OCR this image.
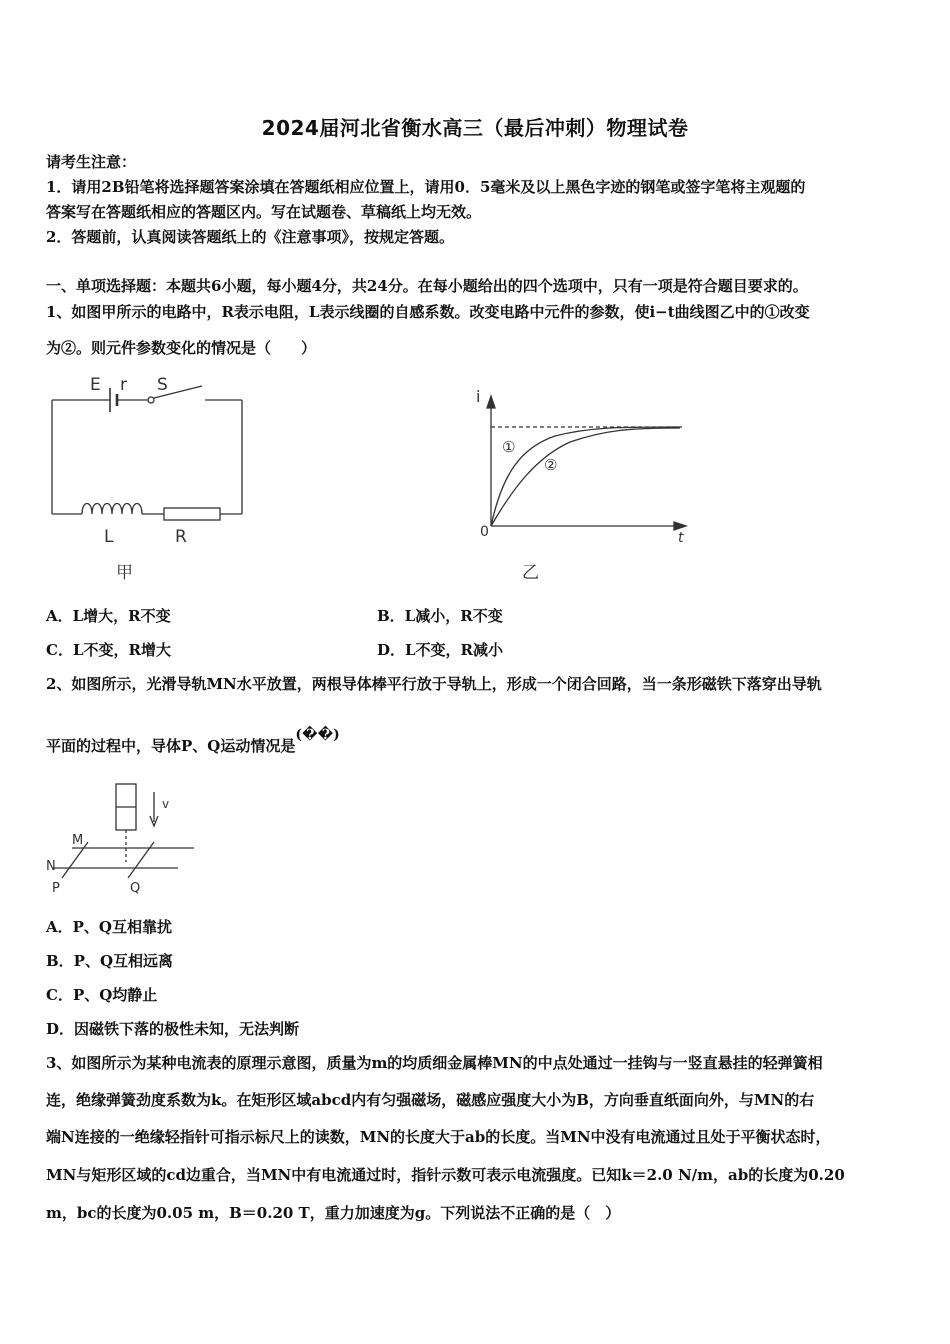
2024届河北省衡水高三（最后冲刺）物理试卷
请考生注意：
1．请用2B铅笔将选择题答案涂填在答题纸相应位置上，请用0．5毫米及以上黑色字迹的钢笔或签字笔将主观题的
答案写在答题纸相应的答题区内。写在试题卷、草稿纸上均无效。
2．答题前，认真阅读答题纸上的《注意事项》，按规定答题。
一、单项选择题：本题共6小题，每小题4分，共24分。在每小题给出的四个选项中，只有一项是符合题目要求的。
1、如图甲所示的电路中，R表示电阻，L表示线圈的自感系数。改变电路中元件的参数，使i−t曲线图乙中的①改变
为②。则元件参数变化的情况是（　　）
E r S
L	R
甲
i
t
0
①
②
乙
A．L增大，R不变	B．L减小，R不变
C．L不变，R增大	D．L不变，R减小
2、如图所示，光滑导轨MN水平放置，两根导体棒平行放于导轨上，形成一个闭合回路，当一条形磁铁下落穿出导轨
平面的过程中，导体P、Q运动情况是(��)
v
M
N
P	Q
A．P、Q互相靠扰
B．P、Q互相远离
C．P、Q均静止
D．因磁铁下落的极性未知，无法判断
3、如图所示为某种电流表的原理示意图，质量为m的均质细金属棒MN的中点处通过一挂钩与一竖直悬挂的轻弹簧相
连，绝缘弹簧劲度系数为k。在矩形区域abcd内有匀强磁场，磁感应强度大小为B，方向垂直纸面向外，与MN的右
端N连接的一绝缘轻指针可指示标尺上的读数，MN的长度大于ab的长度。当MN中没有电流通过且处于平衡状态时，
MN与矩形区域的cd边重合，当MN中有电流通过时，指针示数可表示电流强度。已知k＝2.0 N/m，ab的长度为0.20
m，bc的长度为0.05 m，B＝0.20 T，重力加速度为g。下列说法不正确的是（　）
